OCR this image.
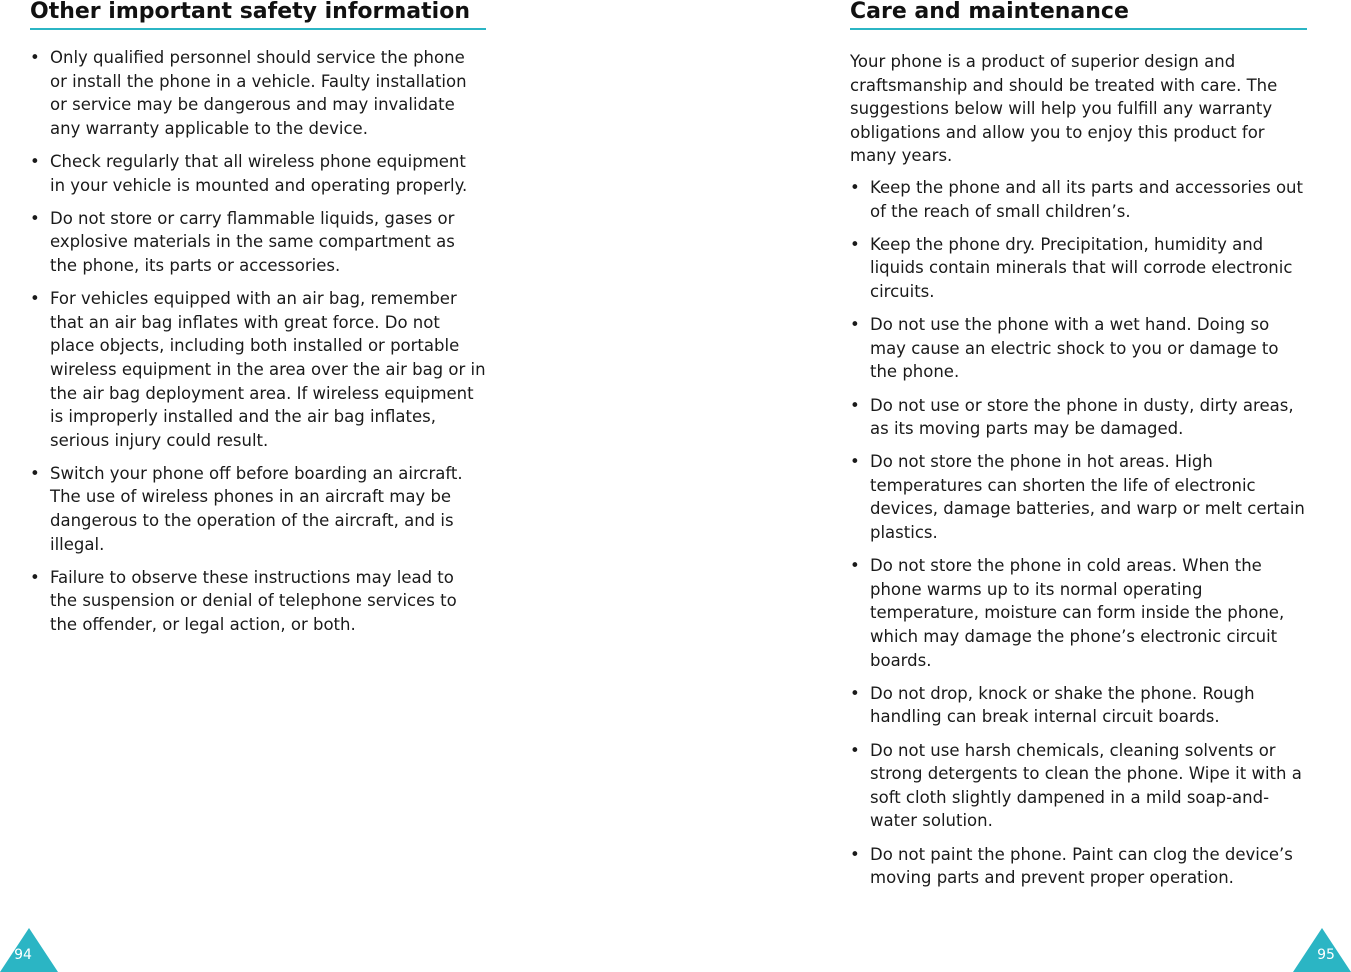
Other important safety information
• Only qualified personnel should service the phone or install the phone in a vehicle. Faulty installation or service may be dangerous and may invalidate any warranty applicable to the device.
• Check regularly that all wireless phone equipment in your vehicle is mounted and operating properly.
• Do not store or carry flammable liquids, gases or explosive materials in the same compartment as the phone, its parts or accessories.
• For vehicles equipped with an air bag, remember that an air bag inflates with great force. Do not place objects, including both installed or portable wireless equipment in the area over the air bag or in the air bag deployment area. If wireless equipment is improperly installed and the air bag inflates, serious injury could result.
• Switch your phone off before boarding an aircraft. The use of wireless phones in an aircraft may be dangerous to the operation of the aircraft, and is illegal.
• Failure to observe these instructions may lead to the suspension or denial of telephone services to the offender, or legal action, or both.
Care and maintenance

Your phone is a product of superior design and craftsmanship and should be treated with care. The suggestions below will help you fulfill any warranty obligations and allow you to enjoy this product for many years.

• Keep the phone and all its parts and accessories out of the reach of small children’s.
• Keep the phone dry. Precipitation, humidity and liquids contain minerals that will corrode electronic circuits.
• Do not use the phone with a wet hand. Doing so may cause an electric shock to you or damage to the phone.
• Do not use or store the phone in dusty, dirty areas, as its moving parts may be damaged.
• Do not store the phone in hot areas. High temperatures can shorten the life of electronic devices, damage batteries, and warp or melt certain plastics.
• Do not store the phone in cold areas. When the phone warms up to its normal operating temperature, moisture can form inside the phone, which may damage the phone’s electronic circuit boards.
• Do not drop, knock or shake the phone. Rough handling can break internal circuit boards.
• Do not use harsh chemicals, cleaning solvents or strong detergents to clean the phone. Wipe it with a soft cloth slightly dampened in a mild soap-and-water solution.
• Do not paint the phone. Paint can clog the device’s moving parts and prevent proper operation.
94	95
